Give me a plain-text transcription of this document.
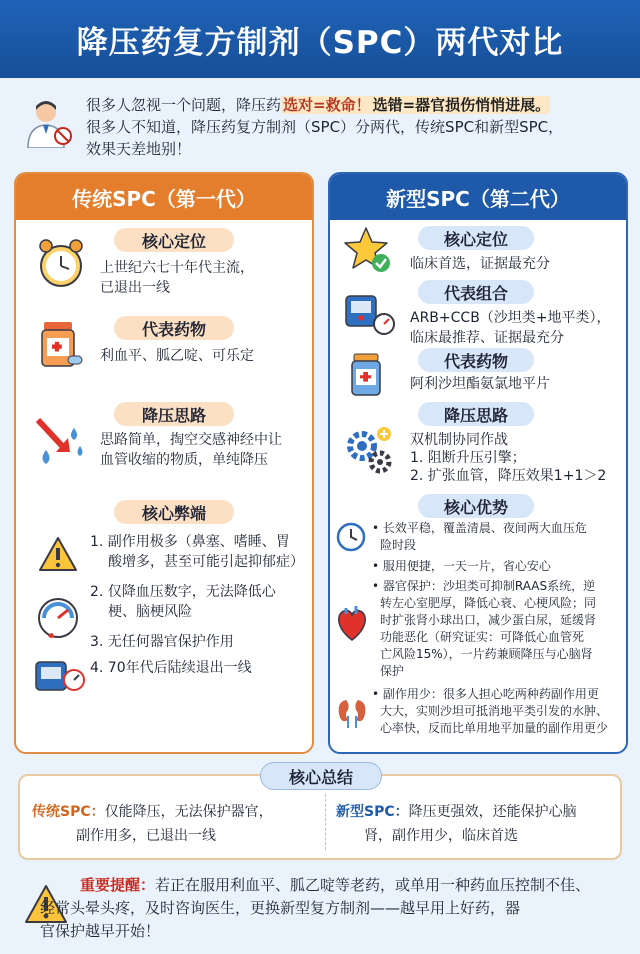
降压药复方制剂（SPC）两代对比

很多人忽视一个问题，降压药 选对=救命！ 选错=器官损伤悄悄进展。

很多人不知道，降压药复方制剂（SPC）分两代，传统SPC和新型SPC，

效果天差地别！

传统SPC（第一代）
核心定位
上世纪六七十年代主流，
已退出一线
代表药物
利血平、胍乙啶、可乐定
降压思路
思路简单，掏空交感神经中让
血管收缩的物质，单纯降压
核心弊端
1. 副作用极多（鼻塞、嗜睡、胃
酸增多，甚至可能引起抑郁症）
2. 仅降血压数字，无法降低心
梗、脑梗风险
3. 无任何器官保护作用
4. 70年代后陆续退出一线
新型SPC（第二代）
核心定位
临床首选，证据最充分
代表组合
ARB+CCB（沙坦类+地平类），
临床最推荐、证据最充分
代表药物
阿利沙坦酯氨氯地平片
降压思路
双机制协同作战
1. 阻断升压引擎；
2. 扩张血管，降压效果1+1＞2
核心优势
• 长效平稳，覆盖清晨、夜间两大血压危
险时段
• 服用便捷，一天一片，省心安心
• 器官保护：沙坦类可抑制RAAS系统，逆
转左心室肥厚，降低心衰、心梗风险；同
时扩张肾小球出口，减少蛋白尿，延缓肾
功能恶化（研究证实：可降低心血管死
亡风险15%），一片药兼顾降压与心脑肾
保护
• 副作用少：很多人担心吃两种药副作用更
大大，实则沙坦可抵消地平类引发的水肿、
心率快，反而比单用地平加量的副作用更少
核心总结
传统SPC：仅能降压，无法保护器官，
副作用多，已退出一线
新型SPC：降压更强效，还能保护心脑
肾，副作用少，临床首选
重要提醒：若正在服用利血平、胍乙啶等老药，或单用一种药血压控制不佳、
经常头晕头疼，及时咨询医生，更换新型复方制剂——越早用上好药，器
官保护越早开始！
